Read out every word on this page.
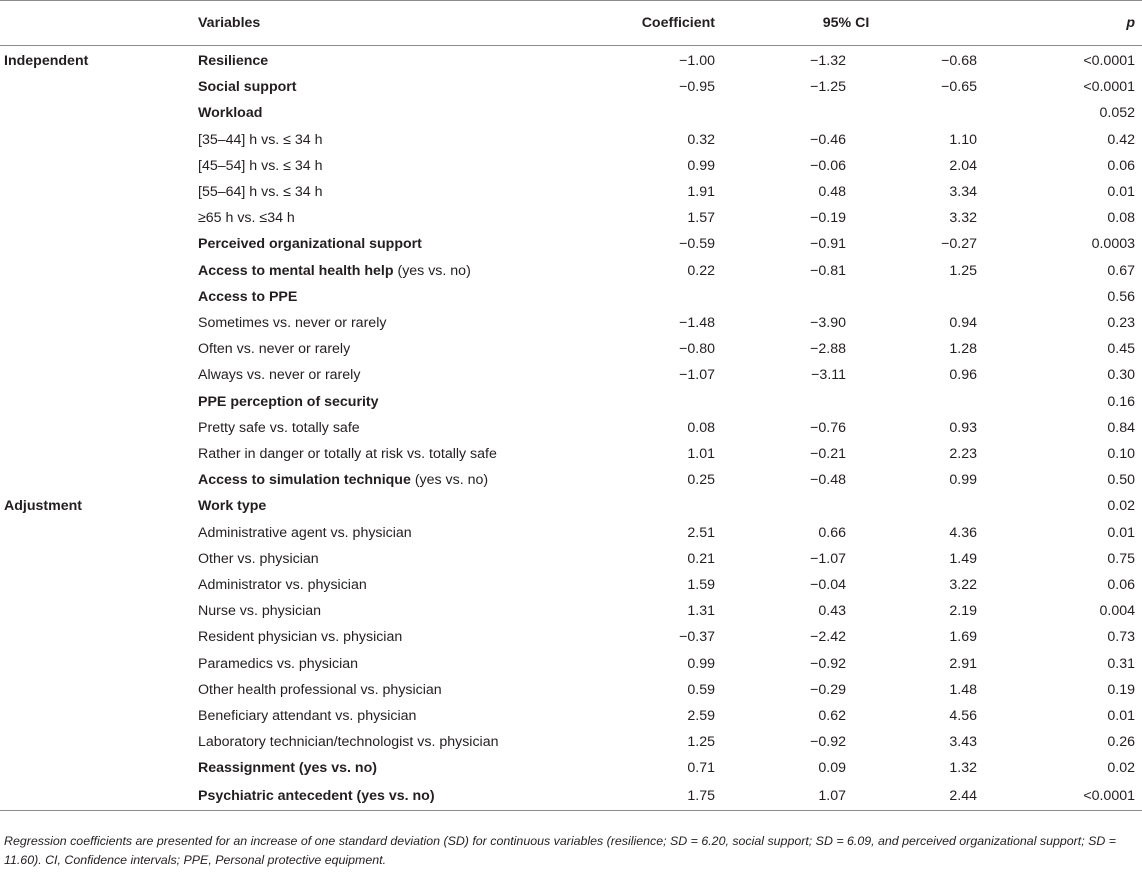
	Variables	Coefficient	95% CI		p
Independent	Resilience	−1.00	−1.32	−0.68	<0.0001
	Social support	−0.95	−1.25	−0.65	<0.0001
	Workload				0.052
	[35–44] h vs. ≤ 34 h	0.32	−0.46	1.10	0.42
	[45–54] h vs. ≤ 34 h	0.99	−0.06	2.04	0.06
	[55–64] h vs. ≤ 34 h	1.91	0.48	3.34	0.01
	≥65 h vs. ≤34 h	1.57	−0.19	3.32	0.08
	Perceived organizational support	−0.59	−0.91	−0.27	0.0003
	Access to mental health help (yes vs. no)	0.22	−0.81	1.25	0.67
	Access to PPE				0.56
	Sometimes vs. never or rarely	−1.48	−3.90	0.94	0.23
	Often vs. never or rarely	−0.80	−2.88	1.28	0.45
	Always vs. never or rarely	−1.07	−3.11	0.96	0.30
	PPE perception of security				0.16
	Pretty safe vs. totally safe	0.08	−0.76	0.93	0.84
	Rather in danger or totally at risk vs. totally safe	1.01	−0.21	2.23	0.10
	Access to simulation technique (yes vs. no)	0.25	−0.48	0.99	0.50
Adjustment	Work type				0.02
	Administrative agent vs. physician	2.51	0.66	4.36	0.01
	Other vs. physician	0.21	−1.07	1.49	0.75
	Administrator vs. physician	1.59	−0.04	3.22	0.06
	Nurse vs. physician	1.31	0.43	2.19	0.004
	Resident physician vs. physician	−0.37	−2.42	1.69	0.73
	Paramedics vs. physician	0.99	−0.92	2.91	0.31
	Other health professional vs. physician	0.59	−0.29	1.48	0.19
	Beneficiary attendant vs. physician	2.59	0.62	4.56	0.01
	Laboratory technician/technologist vs. physician	1.25	−0.92	3.43	0.26
	Reassignment (yes vs. no)	0.71	0.09	1.32	0.02
	Psychiatric antecedent (yes vs. no)	1.75	1.07	2.44	<0.0001
Regression coefficients are presented for an increase of one standard deviation (SD) for continuous variables (resilience; SD = 6.20, social support; SD = 6.09, and perceived organizational support; SD = 11.60). CI, Confidence intervals; PPE, Personal protective equipment.
